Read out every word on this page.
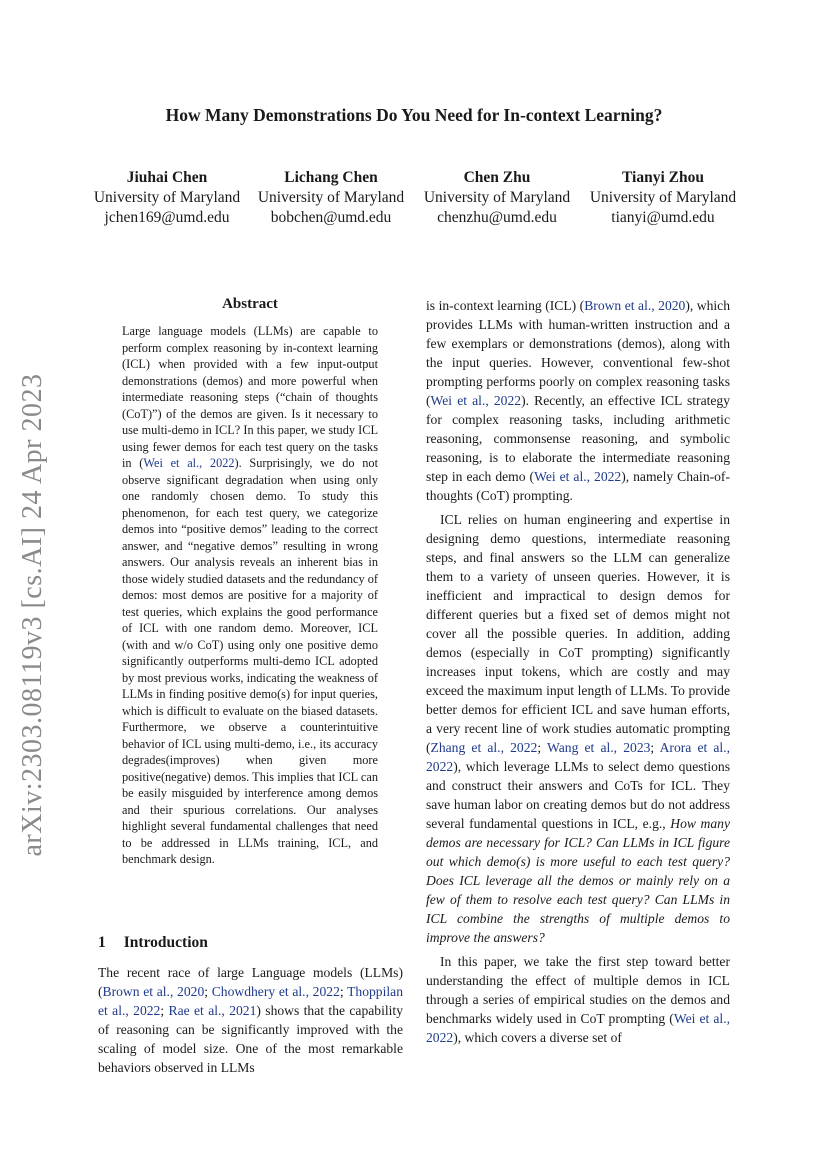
How Many Demonstrations Do You Need for In-context Learning?
Jiuhai Chen
University of Maryland
jchen169@umd.edu
Lichang Chen
University of Maryland
bobchen@umd.edu
Chen Zhu
University of Maryland
chenzhu@umd.edu
Tianyi Zhou
University of Maryland
tianyi@umd.edu
arXiv:2303.08119v3 [cs.AI] 24 Apr 2023
Abstract

Large language models (LLMs) are capable to perform complex reasoning by in-context learning (ICL) when provided with a few input-output demonstrations (demos) and more powerful when intermediate reasoning steps (“chain of thoughts (CoT)”) of the demos are given. Is it necessary to use multi-demo in ICL? In this paper, we study ICL using fewer demos for each test query on the tasks in (Wei et al., 2022). Surprisingly, we do not observe significant degradation when using only one randomly chosen demo. To study this phenomenon, for each test query, we categorize demos into “positive demos” leading to the correct answer, and “negative demos” resulting in wrong answers. Our analysis reveals an inherent bias in those widely studied datasets and the redundancy of demos: most demos are positive for a majority of test queries, which explains the good performance of ICL with one random demo. Moreover, ICL (with and w/o CoT) using only one positive demo significantly outperforms multi-demo ICL adopted by most previous works, indicating the weakness of LLMs in finding positive demo(s) for input queries, which is difficult to evaluate on the biased datasets. Furthermore, we observe a counterintuitive behavior of ICL using multi-demo, i.e., its accuracy degrades(improves) when given more positive(negative) demos. This implies that ICL can be easily misguided by interference among demos and their spurious correlations. Our analyses highlight several fundamental challenges that need to be addressed in LLMs training, ICL, and benchmark design.

1 Introduction

The recent race of large Language models (LLMs) (Brown et al., 2020; Chowdhery et al., 2022; Thoppilan et al., 2022; Rae et al., 2021) shows that the capability of reasoning can be significantly improved with the scaling of model size. One of the most remarkable behaviors observed in LLMs

is in-context learning (ICL) (Brown et al., 2020), which provides LLMs with human-written instruction and a few exemplars or demonstrations (demos), along with the input queries. However, conventional few-shot prompting performs poorly on complex reasoning tasks (Wei et al., 2022). Recently, an effective ICL strategy for complex reasoning tasks, including arithmetic reasoning, commonsense reasoning, and symbolic reasoning, is to elaborate the intermediate reasoning step in each demo (Wei et al., 2022), namely Chain-of-thoughts (CoT) prompting.

ICL relies on human engineering and expertise in designing demo questions, intermediate reasoning steps, and final answers so the LLM can generalize them to a variety of unseen queries. However, it is inefficient and impractical to design demos for different queries but a fixed set of demos might not cover all the possible queries. In addition, adding demos (especially in CoT prompting) significantly increases input tokens, which are costly and may exceed the maximum input length of LLMs. To provide better demos for efficient ICL and save human efforts, a very recent line of work studies automatic prompting (Zhang et al., 2022; Wang et al., 2023; Arora et al., 2022), which leverage LLMs to select demo questions and construct their answers and CoTs for ICL. They save human labor on creating demos but do not address several fundamental questions in ICL, e.g., How many demos are necessary for ICL? Can LLMs in ICL figure out which demo(s) is more useful to each test query? Does ICL leverage all the demos or mainly rely on a few of them to resolve each test query? Can LLMs in ICL combine the strengths of multiple demos to improve the answers?

In this paper, we take the first step toward better understanding the effect of multiple demos in ICL through a series of empirical studies on the demos and benchmarks widely used in CoT prompting (Wei et al., 2022), which covers a diverse set of
